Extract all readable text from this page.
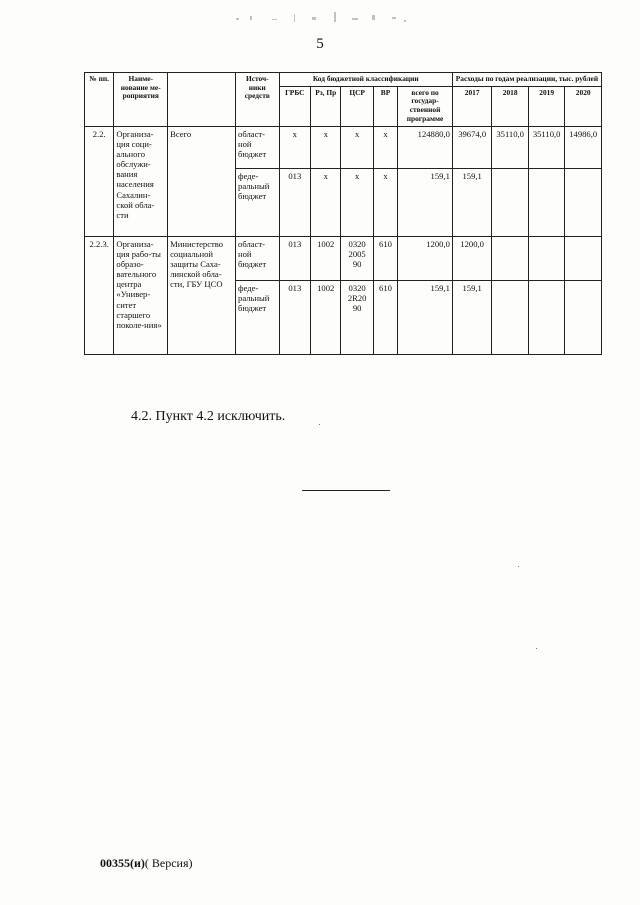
5
№ пп.	Наиме-нование ме-роприятия		Источ-ники средств	Код бюджетной классификации					Расходы по годам реализации, тыс. рублей			
				ГРБС	Рз, Пр	ЦСР	ВР	всего по государ-ственной программе	2017	2018	2019	2020
2.2.	Организа-ция соци-ального обслужи-вания населения Сахалин-ской обла-сти	Всего	област-ной бюджет	х	х	х	х	124880,0	39674,0	35110,0	35110,0	14986,0
			феде-ральный бюджет	013	х	х	х	159,1	159,1			
2.2.3.	Организа-ция рабо-ты образо-вательного центра «Универ-ситет старшего поколе-ния»	Министерство социальной защиты Саха-линской обла-сти, ГБУ ЦСО	област-ной бюджет	013	1002	0320 2005 90	610	1200,0	1200,0			
			феде-ральный бюджет	013	1002	0320 2R20 90	610	159,1	159,1			
4.2. Пункт 4.2 исключить.
00355(и)( Версия)
